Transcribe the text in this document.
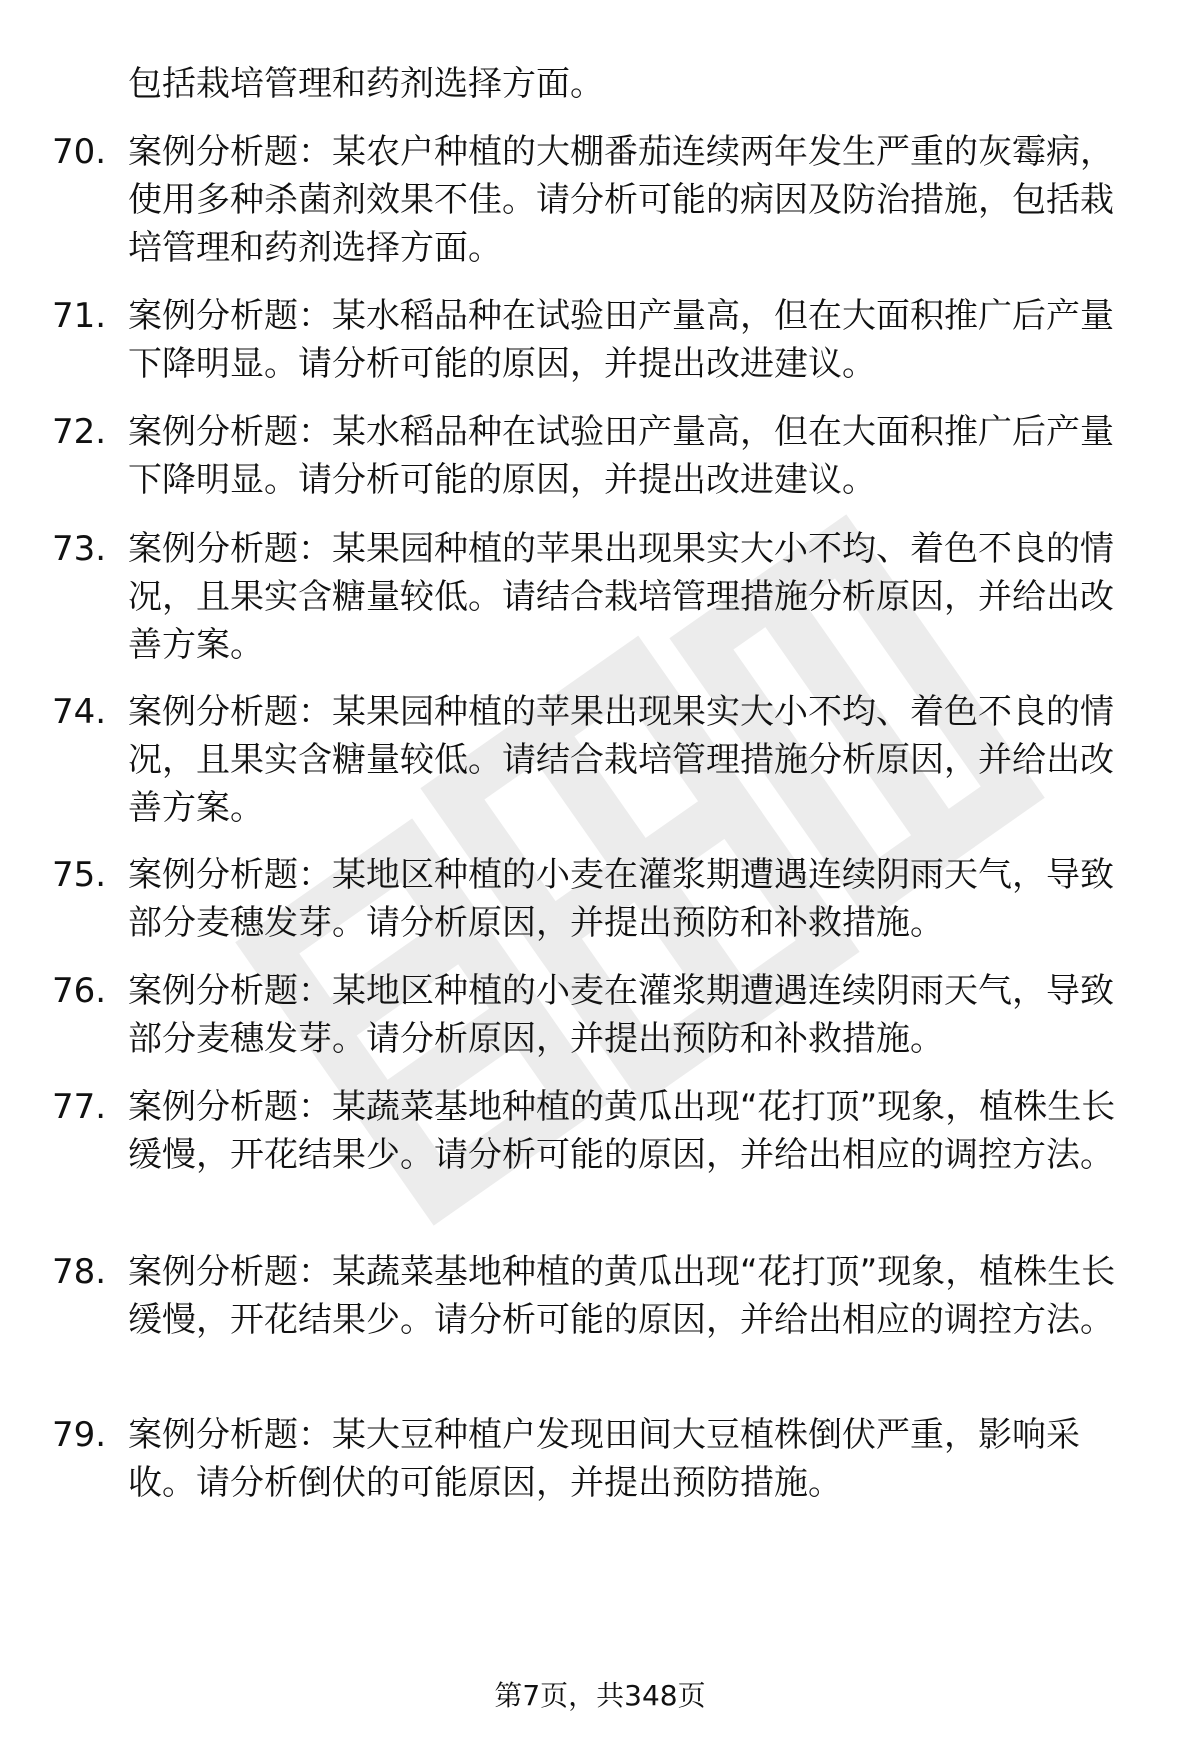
包括栽培管理和药剂选择方面。

70. 案例分析题：某农户种植的大棚番茄连续两年发生严重的灰霉病，使用多种杀菌剂效果不佳。请分析可能的病因及防治措施，包括栽培管理和药剂选择方面。

71. 案例分析题：某水稻品种在试验田产量高，但在大面积推广后产量下降明显。请分析可能的原因，并提出改进建议。

72. 案例分析题：某水稻品种在试验田产量高，但在大面积推广后产量下降明显。请分析可能的原因，并提出改进建议。

73. 案例分析题：某果园种植的苹果出现果实大小不均、着色不良的情况，且果实含糖量较低。请结合栽培管理措施分析原因，并给出改善方案。

74. 案例分析题：某果园种植的苹果出现果实大小不均、着色不良的情况，且果实含糖量较低。请结合栽培管理措施分析原因，并给出改善方案。

75. 案例分析题：某地区种植的小麦在灌浆期遭遇连续阴雨天气，导致部分麦穗发芽。请分析原因，并提出预防和补救措施。

76. 案例分析题：某地区种植的小麦在灌浆期遭遇连续阴雨天气，导致部分麦穗发芽。请分析原因，并提出预防和补救措施。

77. 案例分析题：某蔬菜基地种植的黄瓜出现“花打顶”现象，植株生长缓慢，开花结果少。请分析可能的原因，并给出相应的调控方法。

78. 案例分析题：某蔬菜基地种植的黄瓜出现“花打顶”现象，植株生长缓慢，开花结果少。请分析可能的原因，并给出相应的调控方法。

79. 案例分析题：某大豆种植户发现田间大豆植株倒伏严重，影响采收。请分析倒伏的可能原因，并提出预防措施。

第7页，共348页
